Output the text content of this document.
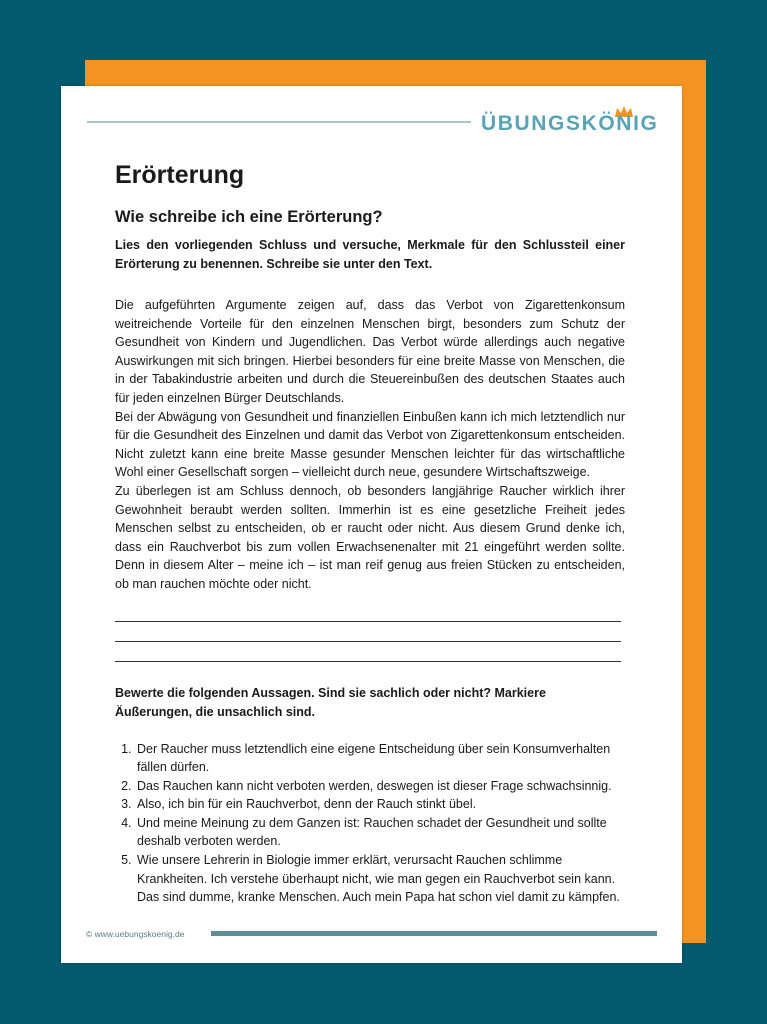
ÜBUNGSKÖNIG
Erörterung
Wie schreibe ich eine Erörterung?
Lies den vorliegenden Schluss und versuche, Merkmale für den Schlussteil einer Erörterung zu benennen. Schreibe sie unter den Text.

Die aufgeführten Argumente zeigen auf, dass das Verbot von Zigarettenkonsum weitreichende Vorteile für den einzelnen Menschen birgt, besonders zum Schutz der Gesundheit von Kindern und Jugendlichen. Das Verbot würde allerdings auch negative Auswirkungen mit sich bringen. Hierbei besonders für eine breite Masse von Menschen, die in der Tabakindustrie arbeiten und durch die Steuereinbußen des deutschen Staates auch für jeden einzelnen Bürger Deutschlands.

Bei der Abwägung von Gesundheit und finanziellen Einbußen kann ich mich letztendlich nur für die Gesundheit des Einzelnen und damit das Verbot von Zigarettenkonsum entscheiden. Nicht zuletzt kann eine breite Masse gesunder Menschen leichter für das wirtschaftliche Wohl einer Gesellschaft sorgen – vielleicht durch neue, gesundere Wirtschaftszweige.

Zu überlegen ist am Schluss dennoch, ob besonders langjährige Raucher wirklich ihrer Gewohnheit beraubt werden sollten. Immerhin ist es eine gesetzliche Freiheit jedes Menschen selbst zu entscheiden, ob er raucht oder nicht. Aus diesem Grund denke ich, dass ein Rauchverbot bis zum vollen Erwachsenenalter mit 21 eingeführt werden sollte. Denn in diesem Alter – meine ich – ist man reif genug aus freien Stücken zu entscheiden, ob man rauchen möchte oder nicht.

Bewerte die folgenden Aussagen. Sind sie sachlich oder nicht? Markiere Äußerungen, die unsachlich sind.
1. Der Raucher muss letztendlich eine eigene Entscheidung über sein Konsumverhalten fällen dürfen.
2. Das Rauchen kann nicht verboten werden, deswegen ist dieser Frage schwachsinnig.
3. Also, ich bin für ein Rauchverbot, denn der Rauch stinkt übel.
4. Und meine Meinung zu dem Ganzen ist: Rauchen schadet der Gesundheit und sollte deshalb verboten werden.
5. Wie unsere Lehrerin in Biologie immer erklärt, verursacht Rauchen schlimme Krankheiten. Ich verstehe überhaupt nicht, wie man gegen ein Rauchverbot sein kann. Das sind dumme, kranke Menschen. Auch mein Papa hat schon viel damit zu kämpfen.
© www.uebungskoenig.de
